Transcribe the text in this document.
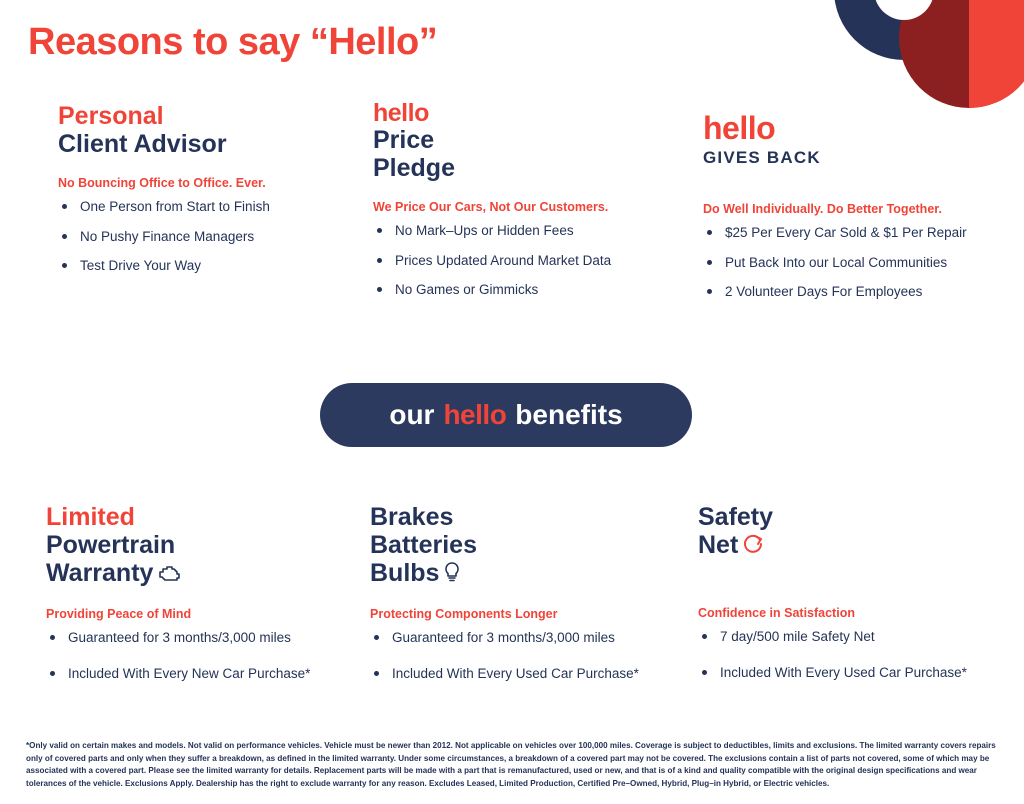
Reasons to say “Hello”
Personal
Client Advisor
No Bouncing Office to Office. Ever.
One Person from Start to Finish
No Pushy Finance Managers
Test Drive Your Way
hello
Price
Pledge
We Price Our Cars, Not Our Customers.
No Mark–Ups or Hidden Fees
Prices Updated Around Market Data
No Games or Gimmicks
hello
GIVES BACK
Do Well Individually. Do Better Together.
$25 Per Every Car Sold & $1 Per Repair
Put Back Into our Local Communities
2 Volunteer Days For Employees
our hello benefits
Limited
Powertrain
Warranty
Providing Peace of Mind
Guaranteed for 3 months/3,000 miles
Included With Every New Car Purchase*
Brakes
Batteries
Bulbs
Protecting Components Longer
Guaranteed for 3 months/3,000 miles
Included With Every Used Car Purchase*
Safety
Net
Confidence in Satisfaction
7 day/500 mile Safety Net
Included With Every Used Car Purchase*
*Only valid on certain makes and models. Not valid on performance vehicles. Vehicle must be newer than 2012. Not applicable on vehicles over 100,000 miles. Coverage is subject to deductibles, limits and exclusions. The limited warranty covers repairs only of covered parts and only when they suffer a breakdown, as defined in the limited warranty. Under some circumstances, a breakdown of a covered part may not be covered. The exclusions contain a list of parts not covered, some of which may be associated with a covered part. Please see the limited warranty for details. Replacement parts will be made with a part that is remanufactured, used or new, and that is of a kind and quality compatible with the original design specifications and wear tolerances of the vehicle. Exclusions Apply. Dealership has the right to exclude warranty for any reason. Excludes Leased, Limited Production, Certified Pre–Owned, Hybrid, Plug–in Hybrid, or Electric vehicles.
